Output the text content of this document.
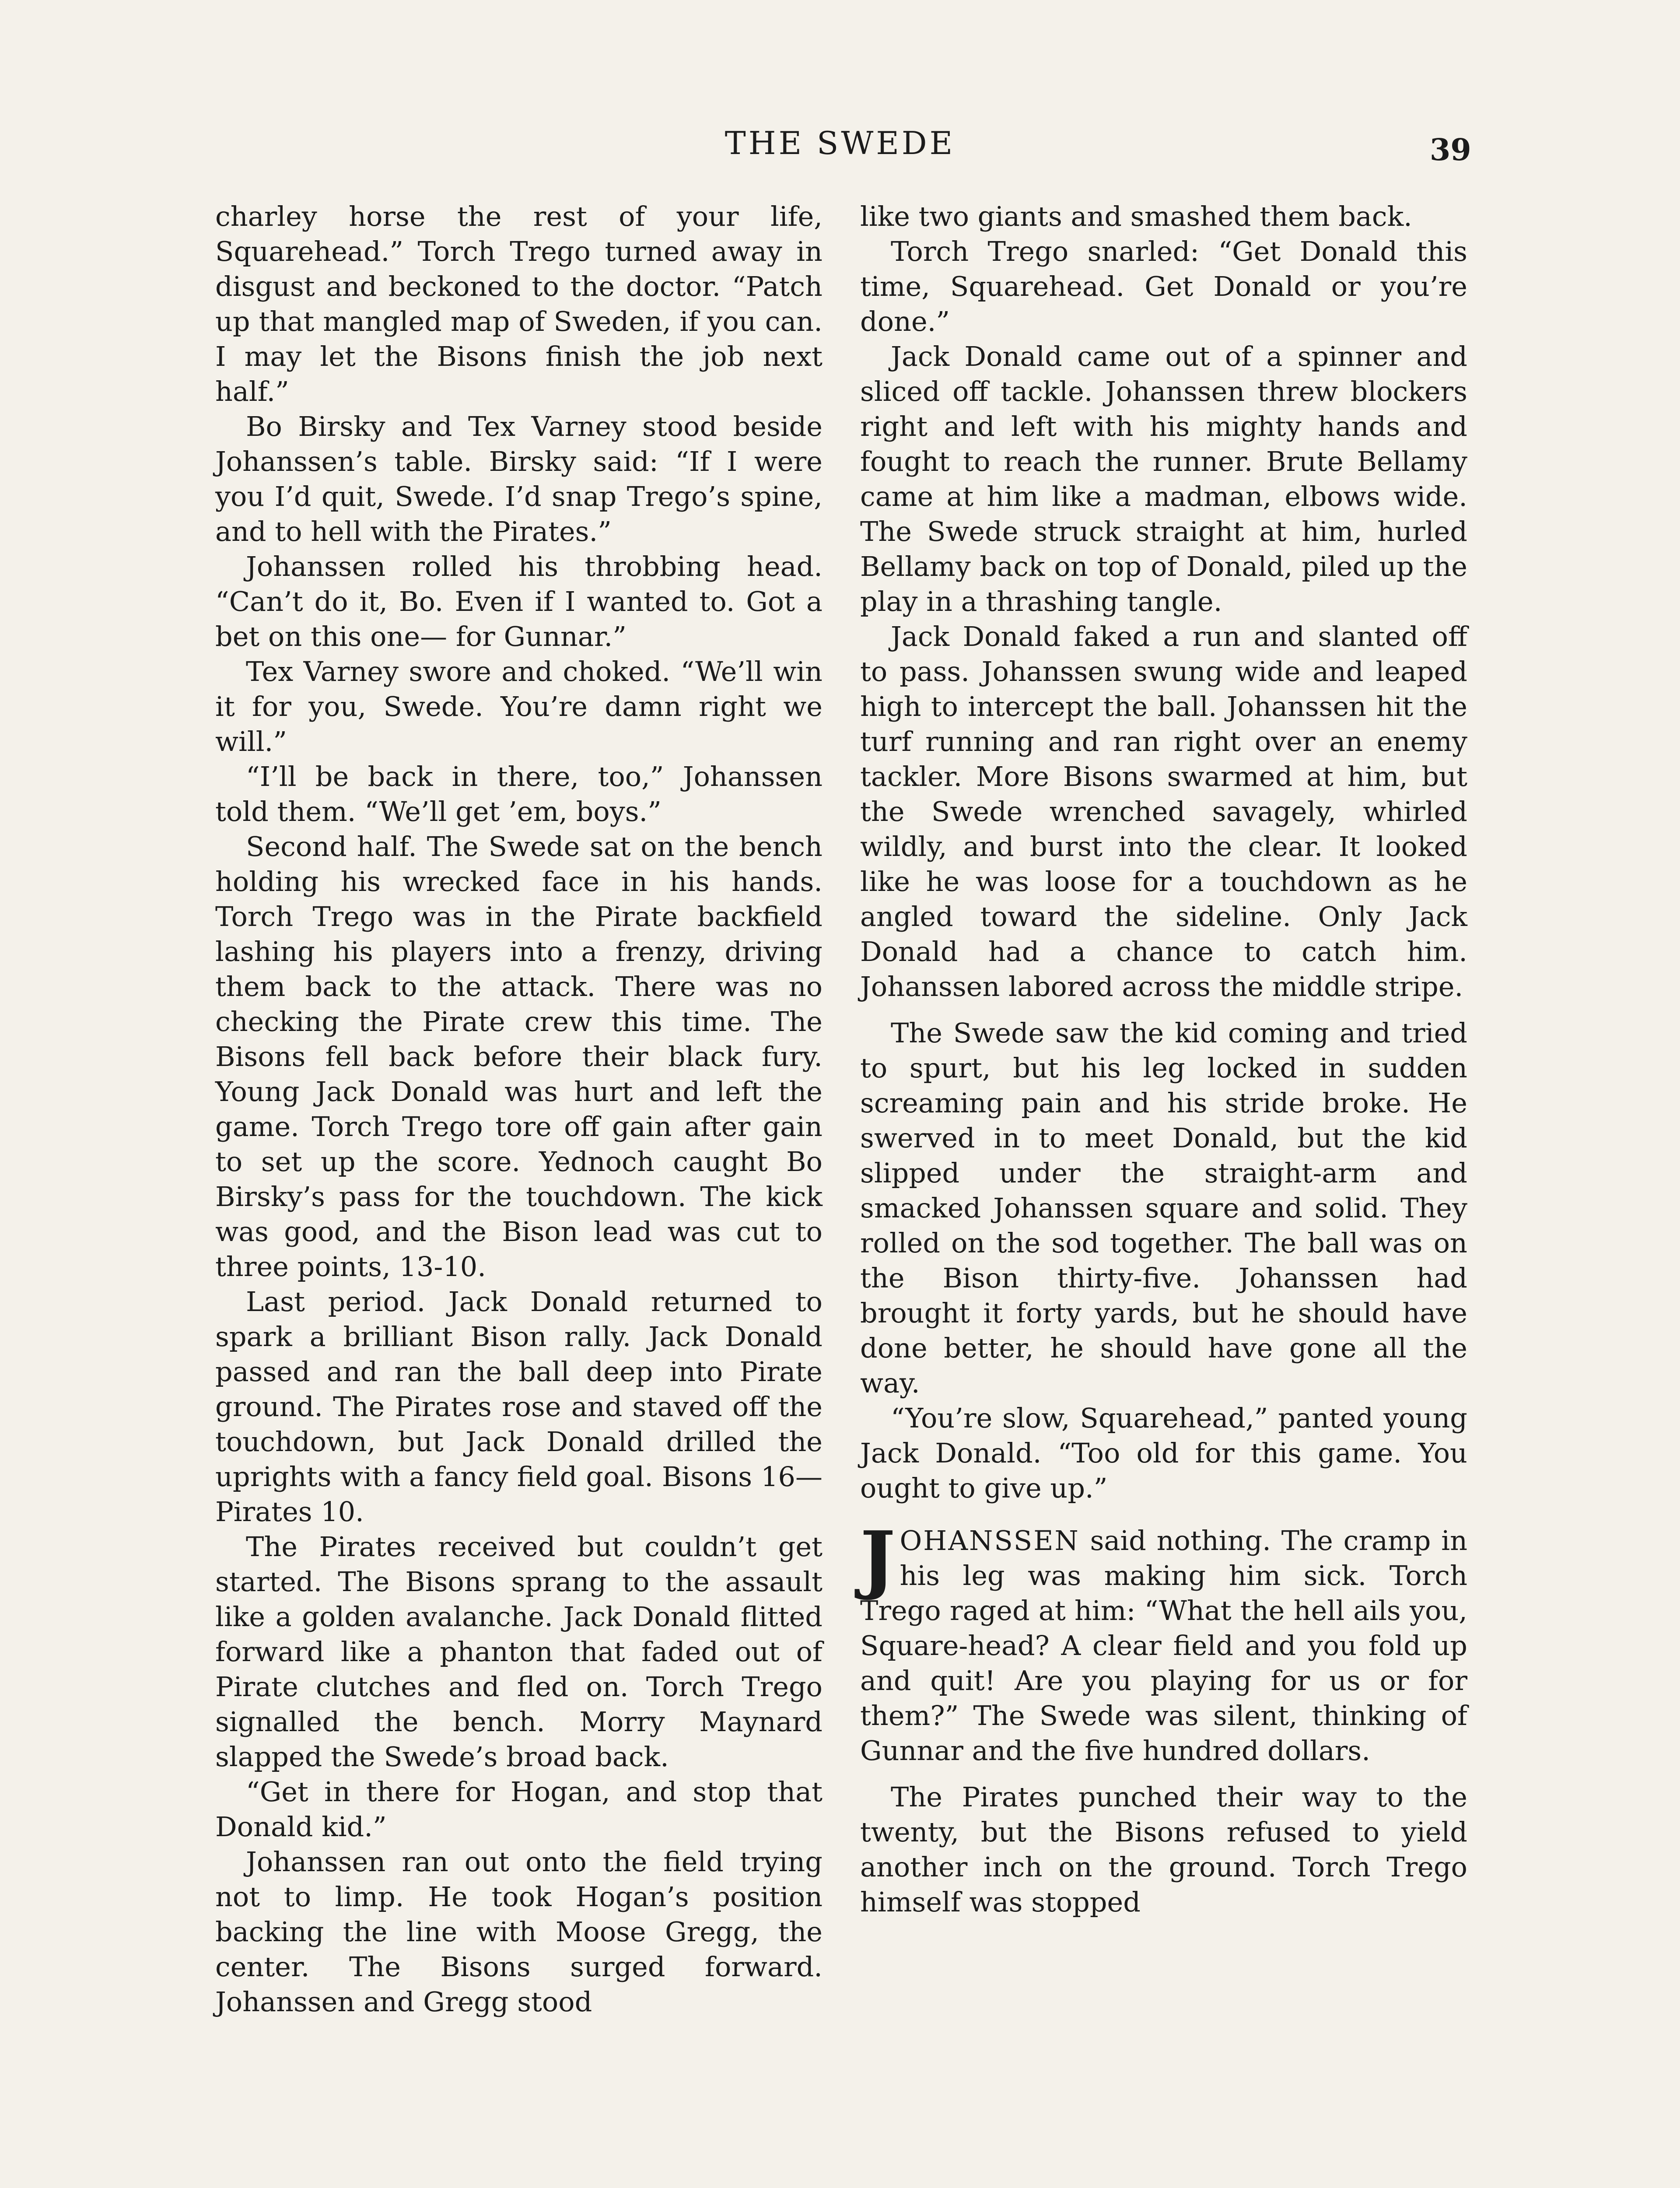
THE SWEDE	39

charley horse the rest of your life, Squarehead.” Torch Trego turned away in disgust and beckoned to the doctor. “Patch up that mangled map of Sweden, if you can. I may let the Bisons finish the job next half.”

Bo Birsky and Tex Varney stood beside Johanssen’s table. Birsky said: “If I were you I’d quit, Swede. I’d snap Trego’s spine, and to hell with the Pirates.”

Johanssen rolled his throbbing head. “Can’t do it, Bo. Even if I wanted to. Got a bet on this one— for Gunnar.”

Tex Varney swore and choked. “We’ll win it for you, Swede. You’re damn right we will.”

“I’ll be back in there, too,” Johanssen told them. “We’ll get ’em, boys.”

Second half. The Swede sat on the bench holding his wrecked face in his hands. Torch Trego was in the Pirate backfield lashing his players into a frenzy, driving them back to the attack. There was no checking the Pirate crew this time. The Bisons fell back before their black fury. Young Jack Donald was hurt and left the game. Torch Trego tore off gain after gain to set up the score. Yednoch caught Bo Birsky’s pass for the touchdown. The kick was good, and the Bison lead was cut to three points, 13-10.

Last period. Jack Donald returned to spark a brilliant Bison rally. Jack Donald passed and ran the ball deep into Pirate ground. The Pirates rose and staved off the touchdown, but Jack Donald drilled the uprights with a fancy field goal. Bisons 16— Pirates 10.

The Pirates received but couldn’t get started. The Bisons sprang to the assault like a golden avalanche. Jack Donald flitted forward like a phanton that faded out of Pirate clutches and fled on. Torch Trego signalled the bench. Morry Maynard slapped the Swede’s broad back.

“Get in there for Hogan, and stop that Donald kid.”

Johanssen ran out onto the field trying not to limp. He took Hogan’s position backing the line with Moose Gregg, the center. The Bisons surged forward. Johanssen and Gregg stood

like two giants and smashed them back.

Torch Trego snarled: “Get Donald this time, Squarehead. Get Donald or you’re done.”

Jack Donald came out of a spinner and sliced off tackle. Johanssen threw blockers right and left with his mighty hands and fought to reach the runner. Brute Bellamy came at him like a madman, elbows wide. The Swede struck straight at him, hurled Bellamy back on top of Donald, piled up the play in a thrashing tangle.

Jack Donald faked a run and slanted off to pass. Johanssen swung wide and leaped high to intercept the ball. Johanssen hit the turf running and ran right over an enemy tackler. More Bisons swarmed at him, but the Swede wrenched savagely, whirled wildly, and burst into the clear. It looked like he was loose for a touchdown as he angled toward the sideline. Only Jack Donald had a chance to catch him. Johanssen labored across the middle stripe.

The Swede saw the kid coming and tried to spurt, but his leg locked in sudden screaming pain and his stride broke. He swerved in to meet Donald, but the kid slipped under the straight-arm and smacked Johanssen square and solid. They rolled on the sod together. The ball was on the Bison thirty-five. Johanssen had brought it forty yards, but he should have done better, he should have gone all the way.

“You’re slow, Squarehead,” panted young Jack Donald. “Too old for this game. You ought to give up.”

JOHANSSEN said nothing. The cramp in his leg was making him sick. Torch Trego raged at him: “What the hell ails you, Square-head? A clear field and you fold up and quit! Are you playing for us or for them?” The Swede was silent, thinking of Gunnar and the five hundred dollars.

The Pirates punched their way to the twenty, but the Bisons refused to yield another inch on the ground. Torch Trego himself was stopped
